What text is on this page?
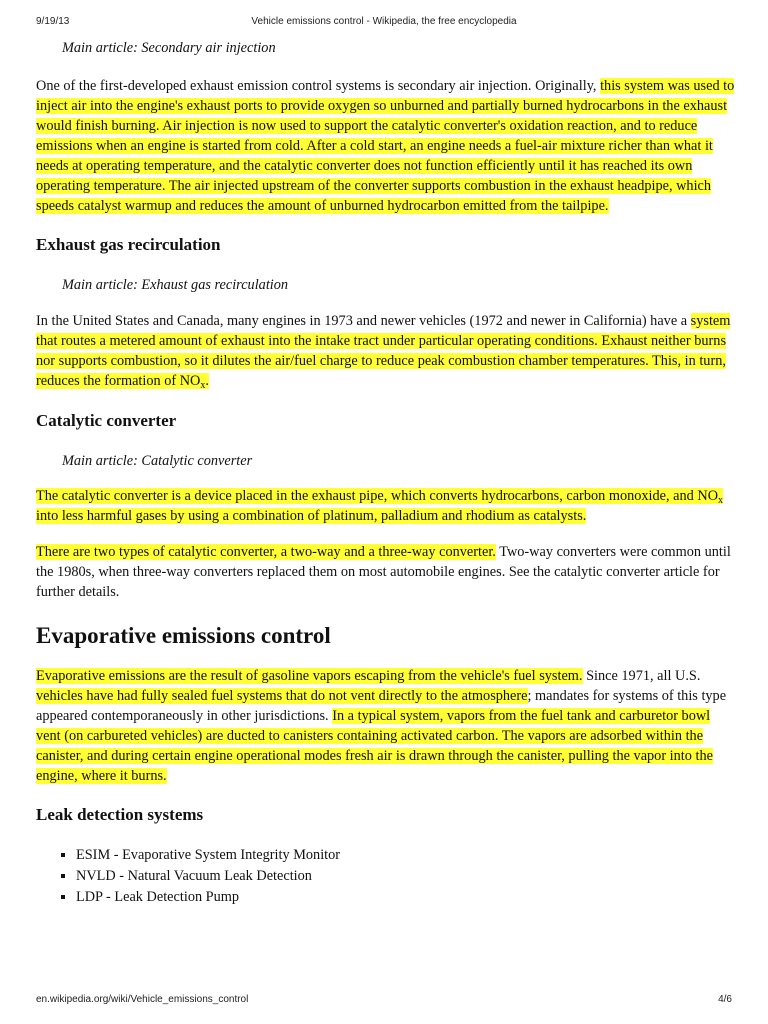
9/19/13	Vehicle emissions control - Wikipedia, the free encyclopedia

Main article: Secondary air injection

One of the first-developed exhaust emission control systems is secondary air injection. Originally, this system was used to inject air into the engine's exhaust ports to provide oxygen so unburned and partially burned hydrocarbons in the exhaust would finish burning. Air injection is now used to support the catalytic converter's oxidation reaction, and to reduce emissions when an engine is started from cold. After a cold start, an engine needs a fuel-air mixture richer than what it needs at operating temperature, and the catalytic converter does not function efficiently until it has reached its own operating temperature. The air injected upstream of the converter supports combustion in the exhaust headpipe, which speeds catalyst warmup and reduces the amount of unburned hydrocarbon emitted from the tailpipe.

Exhaust gas recirculation

Main article: Exhaust gas recirculation

In the United States and Canada, many engines in 1973 and newer vehicles (1972 and newer in California) have a system that routes a metered amount of exhaust into the intake tract under particular operating conditions. Exhaust neither burns nor supports combustion, so it dilutes the air/fuel charge to reduce peak combustion chamber temperatures. This, in turn, reduces the formation of $NO_x$.

Catalytic converter

Main article: Catalytic converter

The catalytic converter is a device placed in the exhaust pipe, which converts hydrocarbons, carbon monoxide, and $NO_x$ into less harmful gases by using a combination of platinum, palladium and rhodium as catalysts.

There are two types of catalytic converter, a two-way and a three-way converter. Two-way converters were common until the 1980s, when three-way converters replaced them on most automobile engines. See the catalytic converter article for further details.

Evaporative emissions control

Evaporative emissions are the result of gasoline vapors escaping from the vehicle's fuel system. Since 1971, all U.S. vehicles have had fully sealed fuel systems that do not vent directly to the atmosphere; mandates for systems of this type appeared contemporaneously in other jurisdictions. In a typical system, vapors from the fuel tank and carburetor bowl vent (on carbureted vehicles) are ducted to canisters containing activated carbon. The vapors are adsorbed within the canister, and during certain engine operational modes fresh air is drawn through the canister, pulling the vapor into the engine, where it burns.

Leak detection systems
▪ ESIM - Evaporative System Integrity Monitor
▪ NVLD - Natural Vacuum Leak Detection
▪ LDP - Leak Detection Pump
en.wikipedia.org/wiki/Vehicle_emissions_control	4/6
